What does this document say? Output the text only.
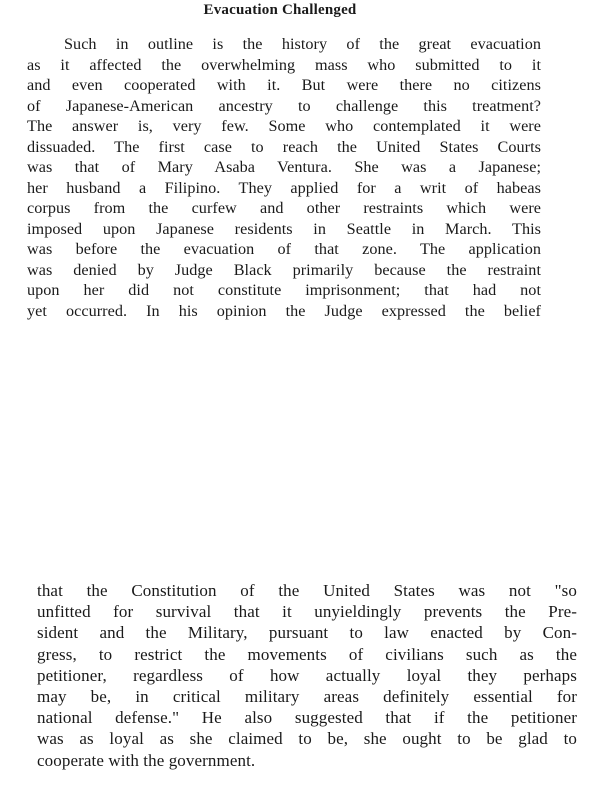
Evacuation Challenged
Such in outline is the history of the great evacuation
as it affected the overwhelming mass who submitted to it
and even cooperated with it. But were there no citizens
of Japanese-American ancestry to challenge this treatment?
The answer is, very few. Some who contemplated it were
dissuaded. The first case to reach the United States Courts
was that of Mary Asaba Ventura. She was a Japanese;
her husband a Filipino. They applied for a writ of habeas
corpus from the curfew and other restraints which were
imposed upon Japanese residents in Seattle in March. This
was before the evacuation of that zone. The application
was denied by Judge Black primarily because the restraint
upon her did not constitute imprisonment; that had not
yet occurred. In his opinion the Judge expressed the belief
that the Constitution of the United States was not "so
unfitted for survival that it unyieldingly prevents the Pre-
sident and the Military, pursuant to law enacted by Con-
gress, to restrict the movements of civilians such as the
petitioner, regardless of how actually loyal they perhaps
may be, in critical military areas definitely essential for
national defense." He also suggested that if the petitioner
was as loyal as she claimed to be, she ought to be glad to
cooperate with the government.
